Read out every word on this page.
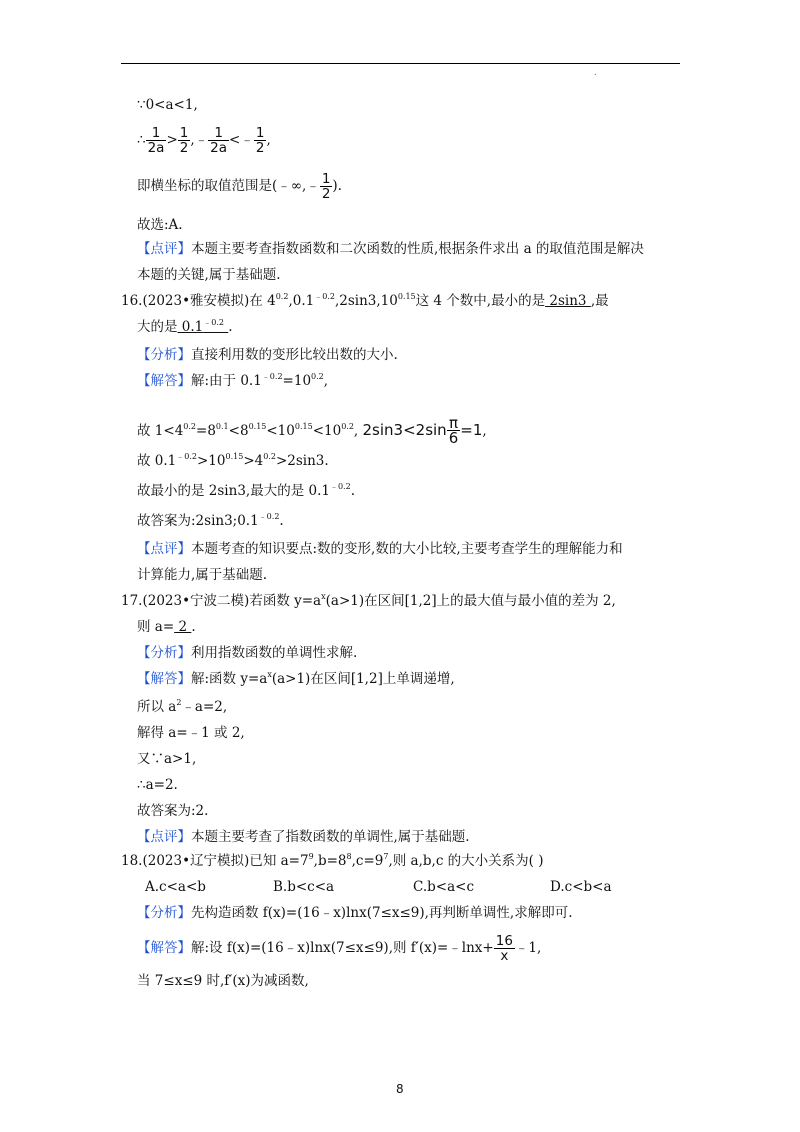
.
∵0<a<1,
∴ $\frac{1}{2a} > \frac{1}{2}$ ,﹣ $\frac{1}{2a}$ <﹣ $\frac{1}{2}$ ,
即横坐标的取值范围是(﹣∞,﹣ $\frac{1}{2}$ ).
故选:A.
【点评】本题主要考查指数函数和二次函数的性质,根据条件求出 a 的取值范围是解决
本题的关键,属于基础题.
16.(2023•雅安模拟)在 $4^{0.2},0.1^{﹣0.2},2\sin 3,10^{0.15}$这 4 个数中,最小的是 2sin3 ,最
大的是 $0.1^{﹣0.2}$ .
【分析】直接利用数的变形比较出数的大小.
【解答】解:由于 $0.1^{﹣0.2}=10^{0.2}$,
故 $1<4^{0.2}=8^{0.1}<8^{0.15}<10^{0.15}<10^{0.2}$, $2\sin 3<2\sin \frac{\pi}{6} =1$,
故 $0.1^{﹣0.2}>10^{0.15}>4^{0.2}>2\sin 3$.
故最小的是 2sin3,最大的是 $0.1^{﹣0.2}$.
故答案为$:2\sin 3;0.1^{﹣0.2}$.
【点评】本题考查的知识要点:数的变形,数的大小比较,主要考查学生的理解能力和
计算能力,属于基础题.
17.(2023•宁波二模)若函数 $y=a^x(a>1)$在区间[1,2]上的最大值与最小值的差为 2,
则 a= 2 .
【分析】利用指数函数的单调性求解.
【解答】解:函数 $y=a^x(a>1)$在区间[1,2]上单调递增,
所以 $a^2﹣a=2$,
解得 a=﹣1 或 2,
又∵a>1,
∴a=2.
故答案为:2.
【点评】本题主要考查了指数函数的单调性,属于基础题.
18.(2023•辽宁模拟)已知 $a=7^9,b=8^8,c=9^7$,则 a,b,c 的大小关系为( )
A.c<a<b	B.b<c<a	C.b<a<c	D.c<b<a
【分析】先构造函数 f(x)=(16﹣x)lnx(7≤x≤9),再判断单调性,求解即可.
【解答】解:设 f(x)=(16﹣x)lnx(7≤x≤9),则 f′(x)=﹣lnx+ $\frac{16}{x}$ ﹣1,
当 7≤x≤9 时,f′(x)为减函数,
8
